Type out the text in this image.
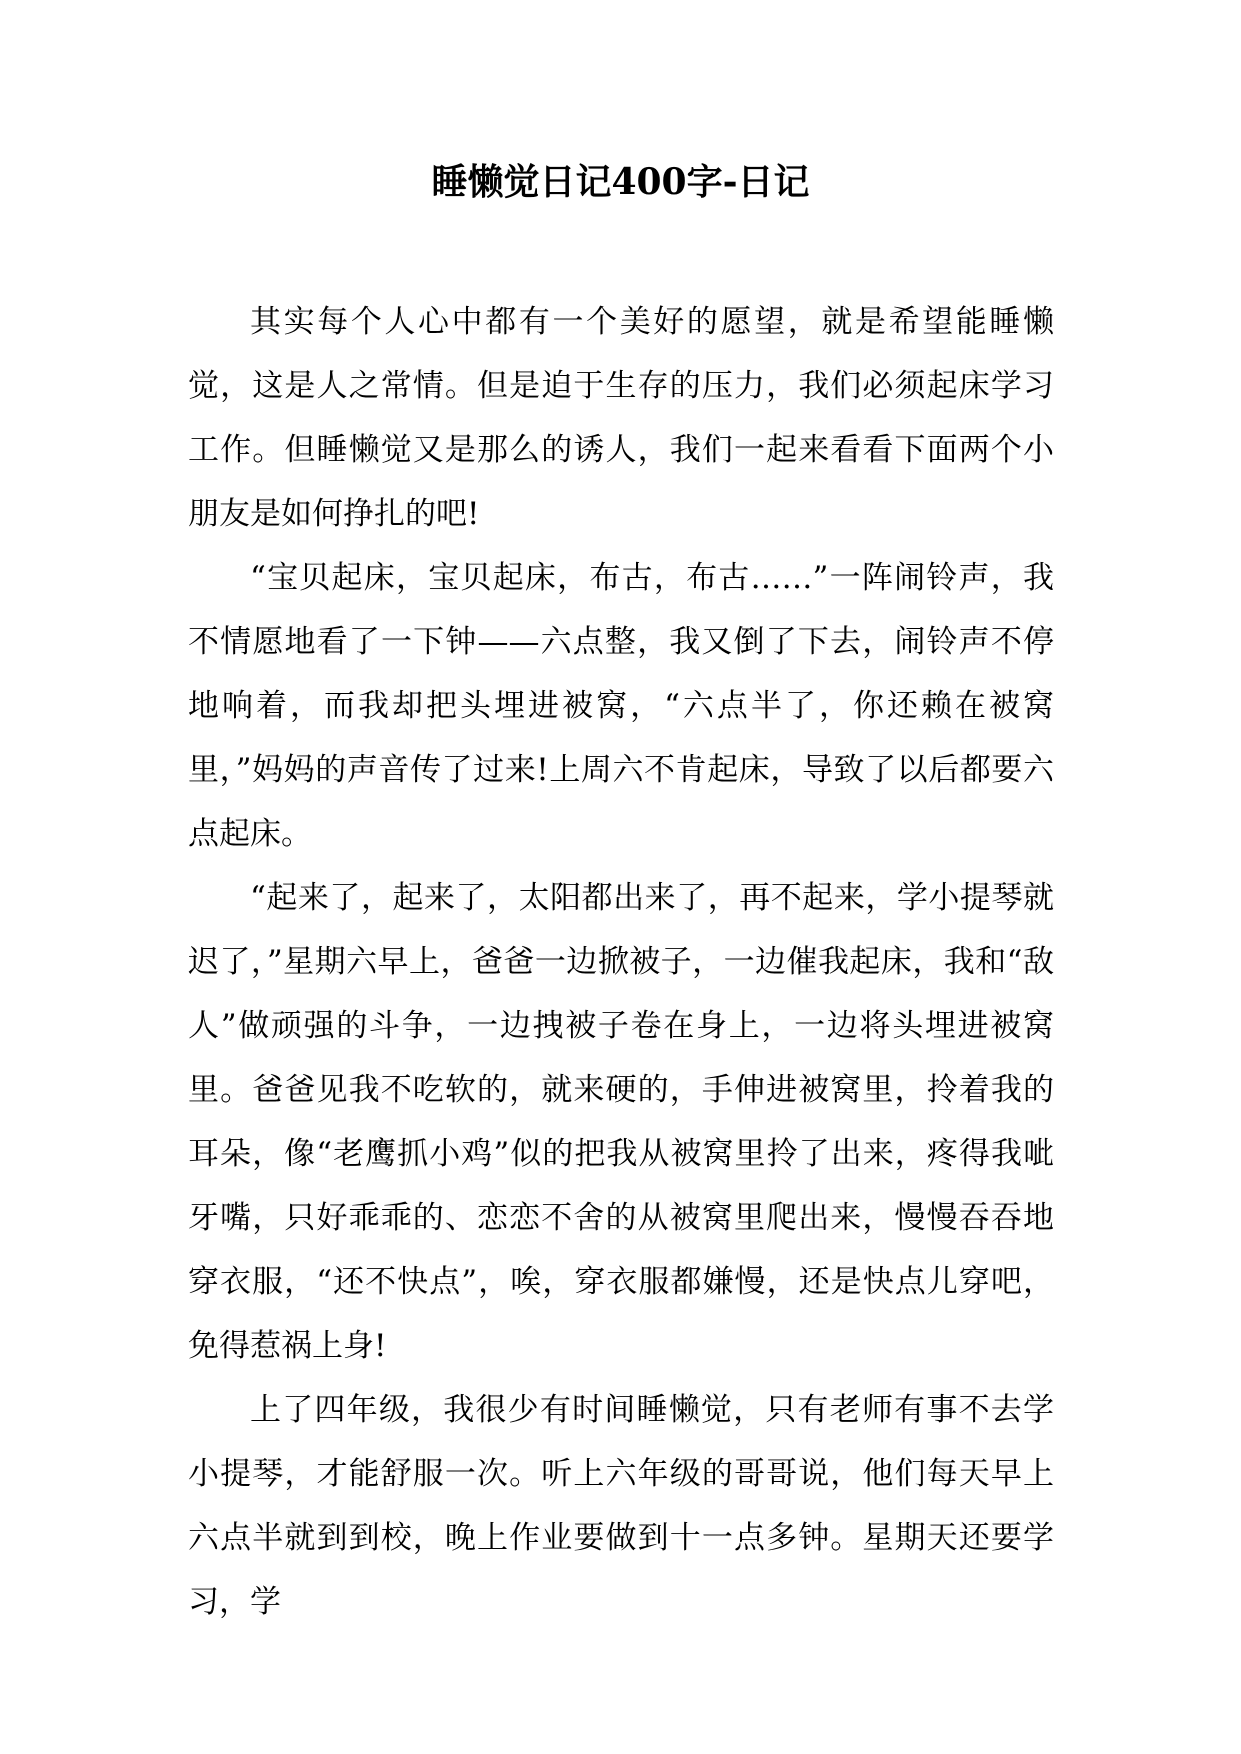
睡懒觉日记400字-日记

其实每个人心中都有一个美好的愿望，就是希望能睡懒觉，这是人之常情。但是迫于生存的压力，我们必须起床学习工作。但睡懒觉又是那么的诱人，我们一起来看看下面两个小朋友是如何挣扎的吧!

“宝贝起床，宝贝起床，布古，布古……”一阵闹铃声，我不情愿地看了一下钟——六点整，我又倒了下去，闹铃声不停地响着，而我却把头埋进被窝，“六点半了，你还赖在被窝里，”妈妈的声音传了过来!上周六不肯起床，导致了以后都要六点起床。

“起来了，起来了，太阳都出来了，再不起来，学小提琴就迟了，”星期六早上，爸爸一边掀被子，一边催我起床，我和“敌人”做顽强的斗争，一边拽被子卷在身上，一边将头埋进被窝里。爸爸见我不吃软的，就来硬的，手伸进被窝里，拎着我的耳朵，像“老鹰抓小鸡”似的把我从被窝里拎了出来，疼得我呲牙嘴，只好乖乖的、恋恋不舍的从被窝里爬出来，慢慢吞吞地穿衣服，“还不快点”，唉，穿衣服都嫌慢，还是快点儿穿吧，免得惹祸上身!

上了四年级，我很少有时间睡懒觉，只有老师有事不去学小提琴，才能舒服一次。听上六年级的哥哥说，他们每天早上六点半就到到校，晚上作业要做到十一点多钟。星期天还要学习，学
